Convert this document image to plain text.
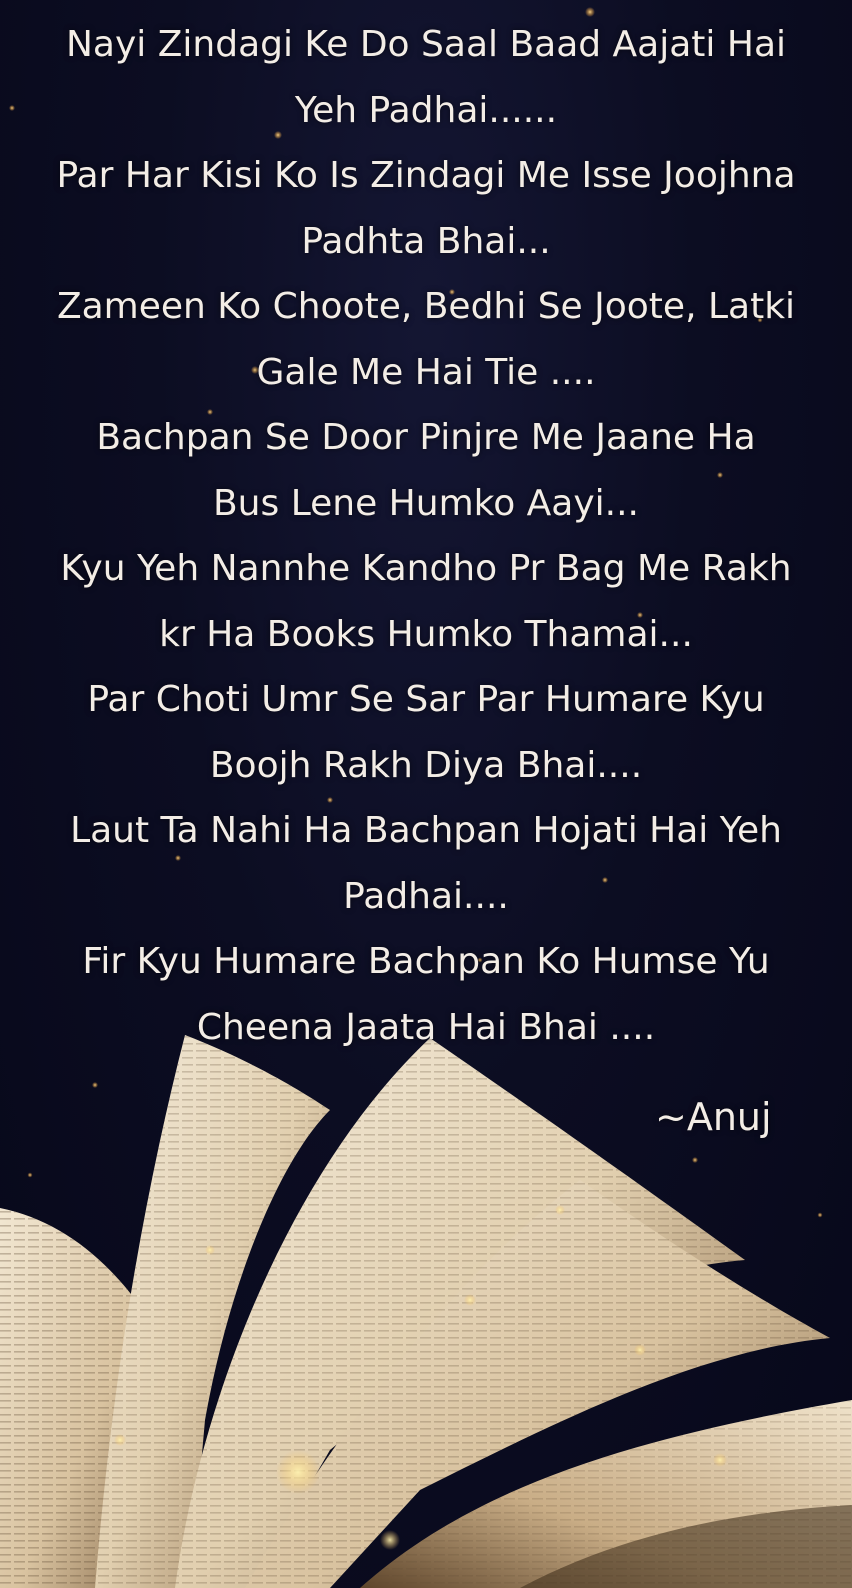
Nayi Zindagi Ke Do Saal Baad Aajati Hai
Yeh Padhai......
Par Har Kisi Ko Is Zindagi Me Isse Joojhna
Padhta Bhai...
Zameen Ko Choote, Bedhi Se Joote, Latki
Gale Me Hai Tie ....
Bachpan Se Door Pinjre Me Jaane Ha
Bus Lene Humko Aayi...
Kyu Yeh Nannhe Kandho Pr Bag Me Rakh
kr Ha Books Humko Thamai...
Par Choti Umr Se Sar Par Humare Kyu
Boojh Rakh Diya Bhai....
Laut Ta Nahi Ha Bachpan Hojati Hai Yeh
Padhai....
Fir Kyu Humare Bachpan Ko Humse Yu
Cheena Jaata Hai Bhai ....
~Anuj
